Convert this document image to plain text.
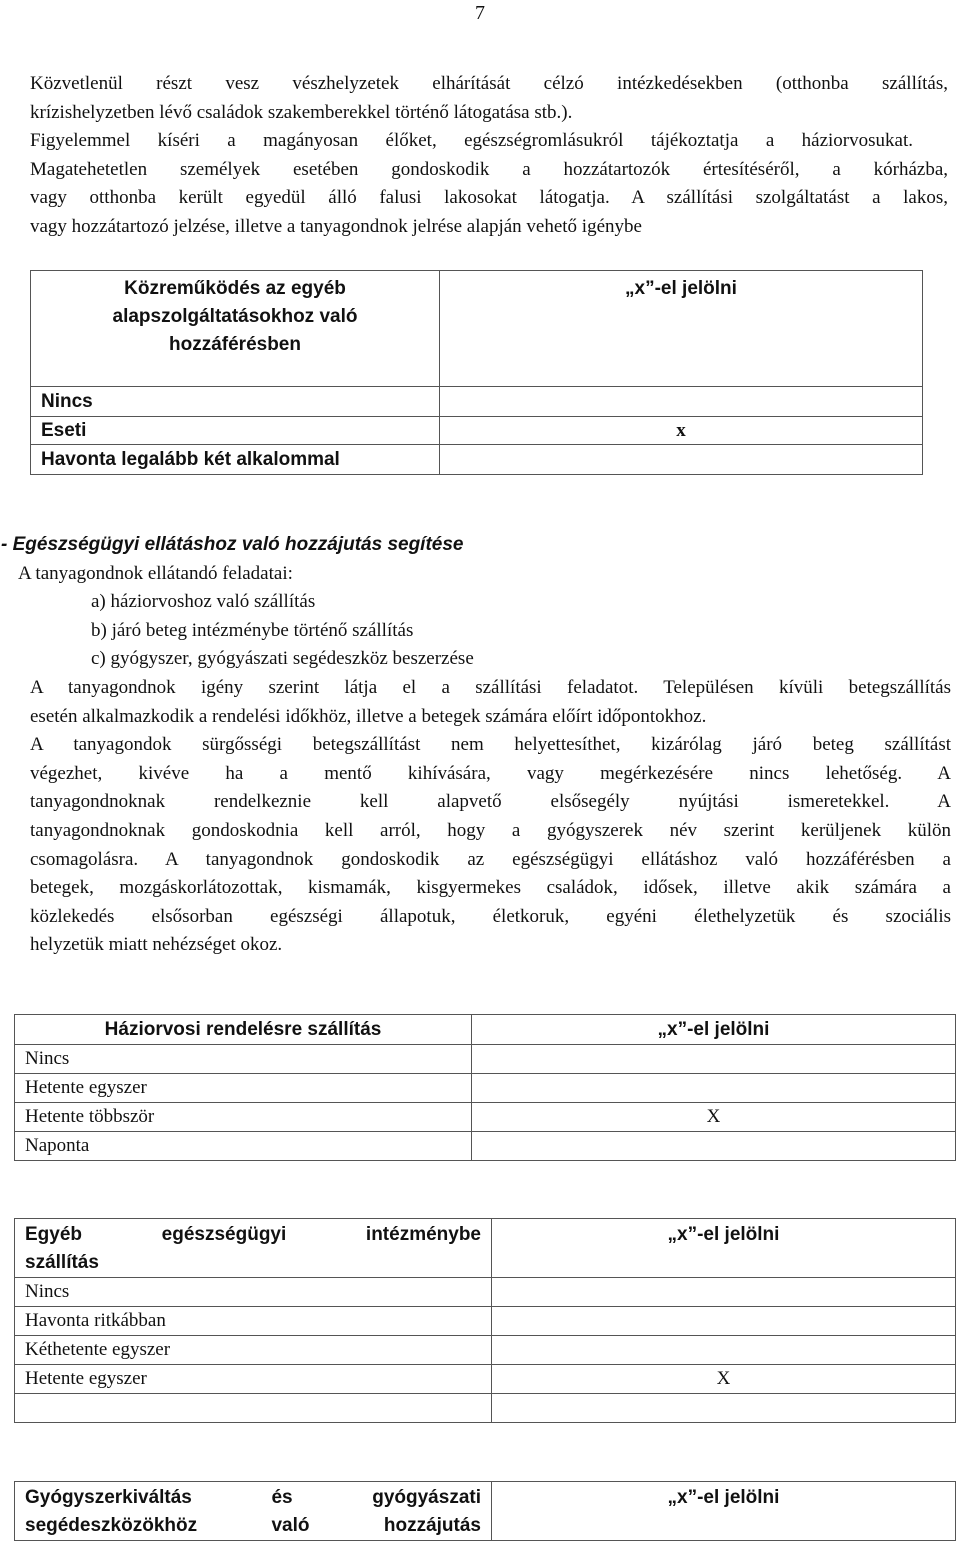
7

Közvetlenül részt vesz vészhelyzetek elhárítását célzó intézkedésekben (otthonba szállítás,

krízishelyzetben lévő családok szakemberekkel történő látogatása stb.).

Figyelemmel kíséri a magányosan élőket, egészségromlásukról tájékoztatja a háziorvosukat.

Magatehetetlen személyek esetében gondoskodik a hozzátartozók értesítéséről, a kórházba,

vagy otthonba került egyedül álló falusi lakosokat látogatja. A szállítási szolgáltatást a lakos,

vagy hozzátartozó jelzése, illetve a tanyagondnok jelrése alapján vehető igénybe

Közreműködés az egyéb
alapszolgáltatásokhoz való
hozzáférésben	„x”-el jelölni
Nincs	
Eseti	x
Havonta legalább két alkalommal	

- Egészségügyi ellátáshoz való hozzájutás segítése

A tanyagondnok ellátandó feladatai:

a) háziorvoshoz való szállítás

b) járó beteg intézménybe történő szállítás

c) gyógyszer, gyógyászati segédeszköz beszerzése

A tanyagondnok igény szerint látja el a szállítási feladatot. Településen kívüli betegszállítás

esetén alkalmazkodik a rendelési időkhöz, illetve a betegek számára előírt időpontokhoz.

A tanyagondok sürgősségi betegszállítást nem helyettesíthet, kizárólag járó beteg szállítást

végezhet, kivéve ha a mentő kihívására, vagy megérkezésére nincs lehetőség. A

tanyagondnoknak rendelkeznie kell alapvető elsősegély nyújtási ismeretekkel. A

tanyagondnoknak gondoskodnia kell arról, hogy a gyógyszerek név szerint kerüljenek külön

csomagolásra. A tanyagondnok gondoskodik az egészségügyi ellátáshoz való hozzáférésben a

betegek, mozgáskorlátozottak, kismamák, kisgyermekes családok, idősek, illetve akik számára a

közlekedés elsősorban egészségi állapotuk, életkoruk, egyéni élethelyzetük és szociális

helyzetük miatt nehézséget okoz.

Háziorvosi rendelésre szállítás	„x”-el jelölni
Nincs	
Hetente egyszer	
Hetente többször	X
Naponta	
Egyéb egészségügyi intézménybe
szállítás	„x”-el jelölni
Nincs	
Havonta ritkábban	
Kéthetente egyszer	
Hetente egyszer	X

Gyógyszerkiváltás és gyógyászati
segédeszközökhöz való hozzájutás
	„x”-el jelölni
